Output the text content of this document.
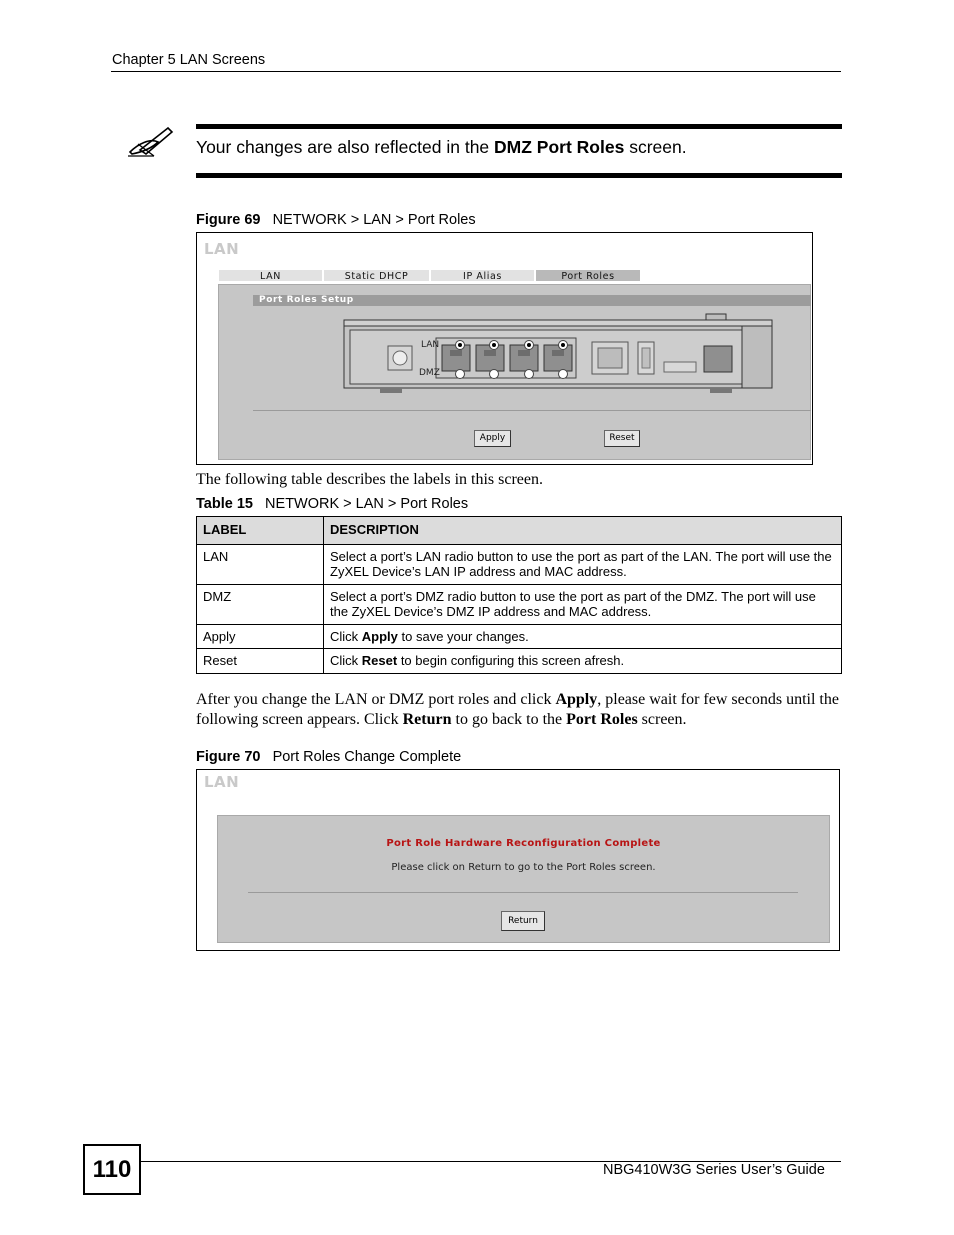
Chapter 5 LAN Screens
Your changes are also reflected in the DMZ Port Roles screen.
Figure 69 NETWORK > LAN > Port Roles
LAN
LAN	Static DHCP	IP Alias	Port Roles
Port Roles Setup
LAN
DMZ
Apply	Reset
The following table describes the labels in this screen.
Table 15 NETWORK > LAN > Port Roles
LABEL	DESCRIPTION
LAN	Select a port’s LAN radio button to use the port as part of the LAN. The port will use the ZyXEL Device’s LAN IP address and MAC address.
DMZ	Select a port’s DMZ radio button to use the port as part of the DMZ. The port will use the ZyXEL Device’s DMZ IP address and MAC address.
Apply	Click Apply to save your changes.
Reset	Click Reset to begin configuring this screen afresh.
After you change the LAN or DMZ port roles and click Apply, please wait for few seconds until the following screen appears. Click Return to go back to the Port Roles screen.
Figure 70 Port Roles Change Complete
LAN
Port Role Hardware Reconfiguration Complete
Please click on Return to go to the Port Roles screen.
Return
110	NBG410W3G Series User’s Guide
